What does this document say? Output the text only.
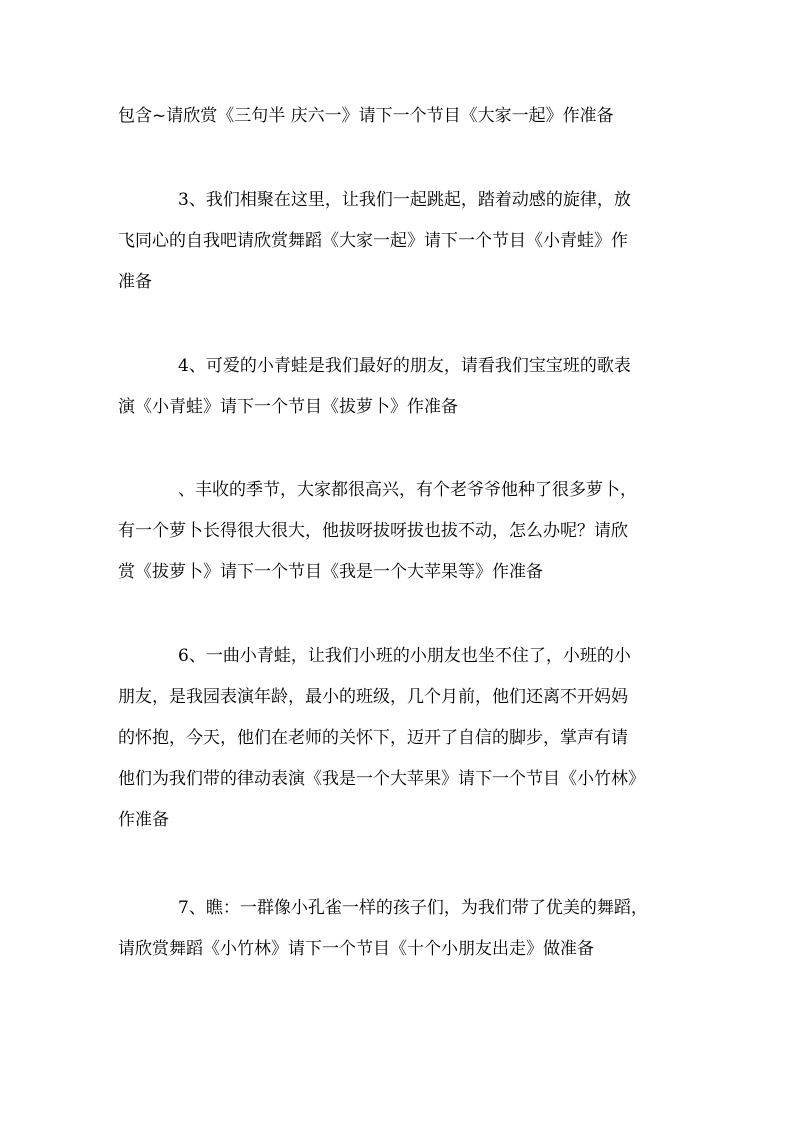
包含~请欣赏《三句半 庆六一》请下一个节目《大家一起》作准备

3、我们相聚在这里，让我们一起跳起，踏着动感的旋律，放
飞同心的自我吧请欣赏舞蹈《大家一起》请下一个节目《小青蛙》作
准备

4、可爱的小青蛙是我们最好的朋友，请看我们宝宝班的歌表
演《小青蛙》请下一个节目《拔萝卜》作准备

、丰收的季节，大家都很高兴，有个老爷爷他种了很多萝卜，
有一个萝卜长得很大很大，他拔呀拔呀拔也拔不动，怎么办呢？请欣
赏《拔萝卜》请下一个节目《我是一个大苹果等》作准备

6、一曲小青蛙，让我们小班的小朋友也坐不住了，小班的小
朋友，是我园表演年龄，最小的班级，几个月前，他们还离不开妈妈
的怀抱，今天，他们在老师的关怀下，迈开了自信的脚步，掌声有请
他们为我们带的律动表演《我是一个大苹果》请下一个节目《小竹林》
作准备

7、瞧：一群像小孔雀一样的孩子们，为我们带了优美的舞蹈，
请欣赏舞蹈《小竹林》请下一个节目《十个小朋友出走》做准备
